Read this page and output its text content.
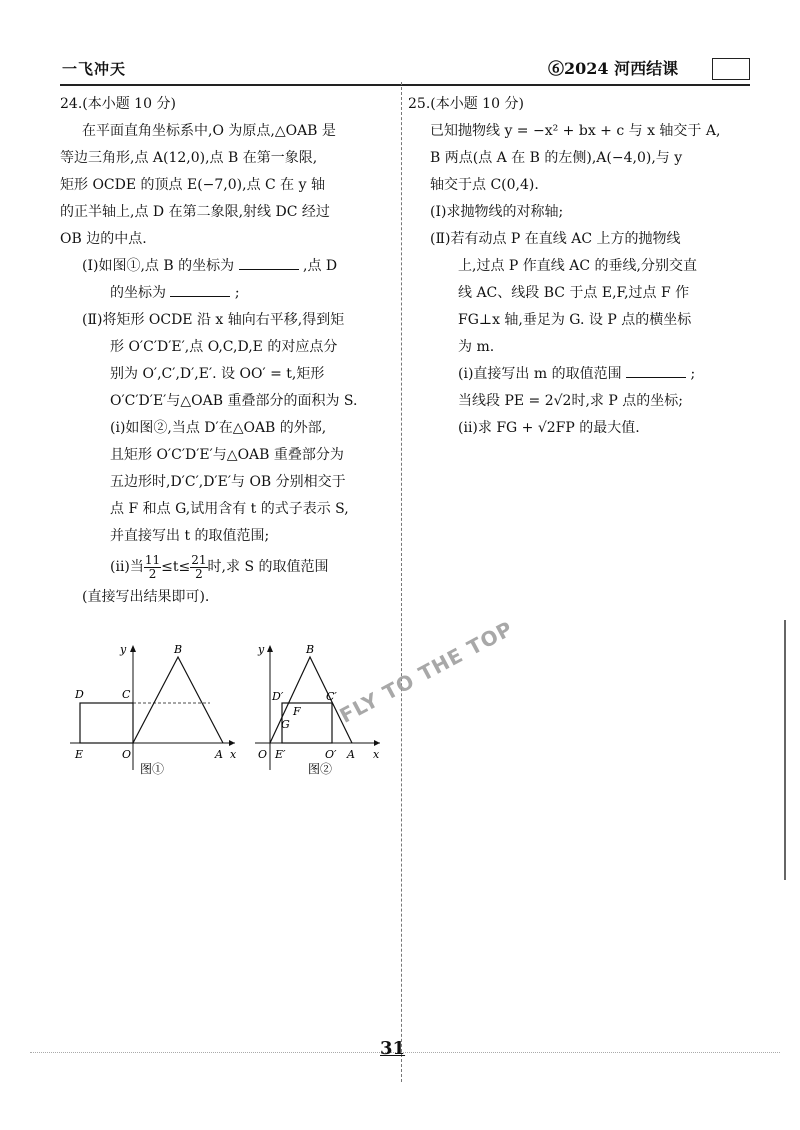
一飞冲天	⑥2024 河西结课

24.(本小题 10 分)

在平面直角坐标系中,O 为原点,△OAB 是

等边三角形,点 A(12,0),点 B 在第一象限,

矩形 OCDE 的顶点 E(−7,0),点 C 在 y 轴

的正半轴上,点 D 在第二象限,射线 DC 经过

OB 边的中点.

(Ⅰ)如图①,点 B 的坐标为	,点 D

的坐标为	;

(Ⅱ)将矩形 OCDE 沿 x 轴向右平移,得到矩

形 O′C′D′E′,点 O,C,D,E 的对应点分

别为 O′,C′,D′,E′. 设 OO′ = t,矩形

O′C′D′E′与△OAB 重叠部分的面积为 S.

(ⅰ)如图②,当点 D′在△OAB 的外部,

且矩形 O′C′D′E′与△OAB 重叠部分为

五边形时,D′C′,D′E′与 OB 分别相交于

点 F 和点 G,试用含有 t 的式子表示 S,

并直接写出 t 的取值范围;

(ⅱ)当 $\frac{11}{2} \le t\le \frac{21}{2}$ 时,求 S 的取值范围

(直接写出结果即可).

25.(本小题 10 分)

已知抛物线 y = −x² + bx + c 与 x 轴交于 A,

B 两点(点 A 在 B 的左侧),A(−4,0),与 y

轴交于点 C(0,4).

(Ⅰ)求抛物线的对称轴;

(Ⅱ)若有动点 P 在直线 AC 上方的抛物线

上,过点 P 作直线 AC 的垂线,分别交直

线 AC、线段 BC 于点 E,F,过点 F 作

FG⊥x 轴,垂足为 G. 设 P 点的横坐标

为 m.

(ⅰ)直接写出 m 的取值范围	;

当线段 PE = 2√2时,求 P 点的坐标;

(ⅱ)求 FG + √2FP 的最大值.

y	B
D	C
E	O	A x
图①
y	B
D′	C′
F
G
O E′	O′ A x
图②
FLY TO THE TOP
31
